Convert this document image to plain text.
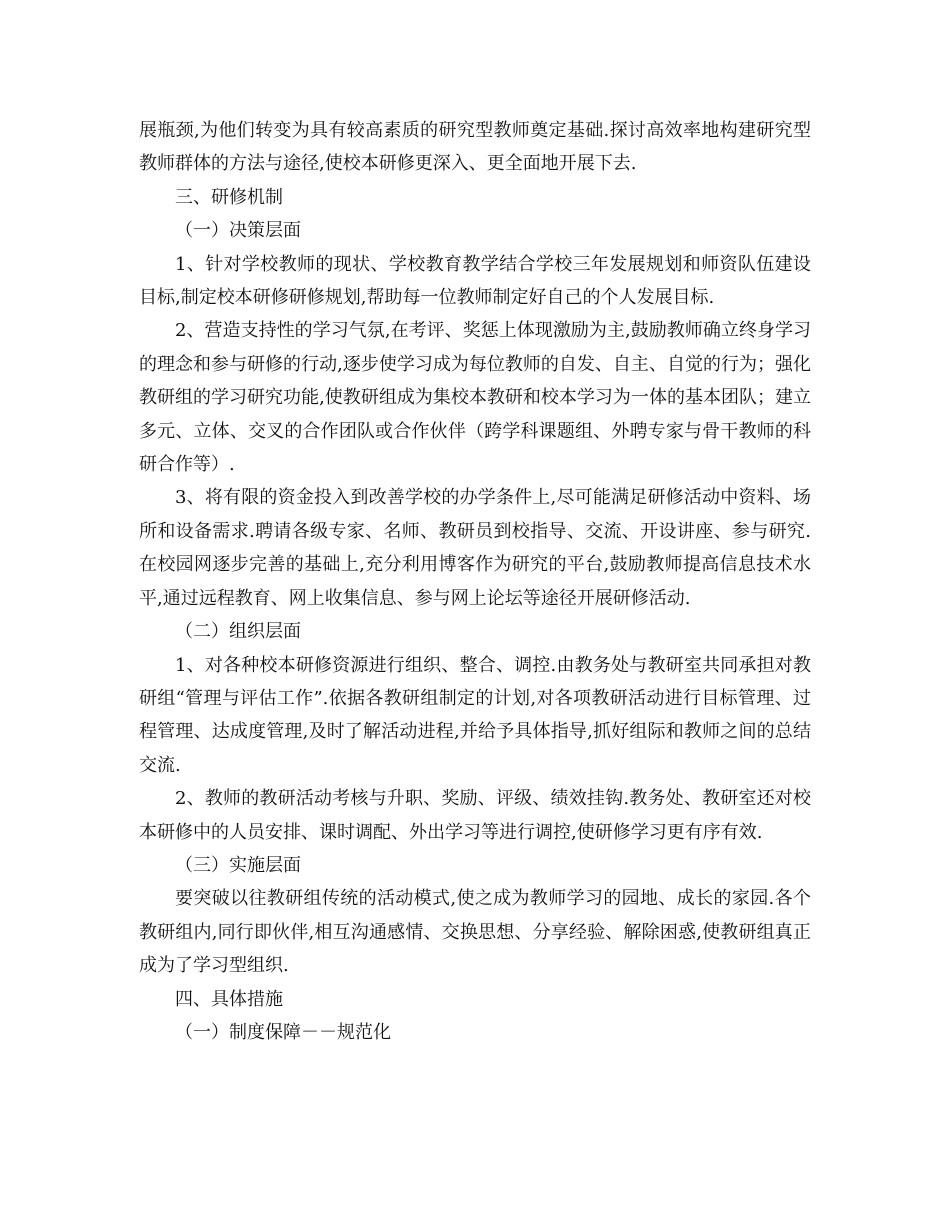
展瓶颈,为他们转变为具有较高素质的研究型教师奠定基础.探讨高效率地构建研究型教师群体的方法与途径,使校本研修更深入、更全面地开展下去.

三、研修机制

（一）决策层面

1、针对学校教师的现状、学校教育教学结合学校三年发展规划和师资队伍建设目标,制定校本研修研修规划,帮助每一位教师制定好自己的个人发展目标.

2、营造支持性的学习气氛,在考评、奖惩上体现激励为主,鼓励教师确立终身学习的理念和参与研修的行动,逐步使学习成为每位教师的自发、自主、自觉的行为；强化教研组的学习研究功能,使教研组成为集校本教研和校本学习为一体的基本团队；建立多元、立体、交叉的合作团队或合作伙伴（跨学科课题组、外聘专家与骨干教师的科研合作等）.

3、将有限的资金投入到改善学校的办学条件上,尽可能满足研修活动中资料、场所和设备需求.聘请各级专家、名师、教研员到校指导、交流、开设讲座、参与研究.在校园网逐步完善的基础上,充分利用博客作为研究的平台,鼓励教师提高信息技术水平,通过远程教育、网上收集信息、参与网上论坛等途径开展研修活动.

（二）组织层面

1、对各种校本研修资源进行组织、整合、调控.由教务处与教研室共同承担对教研组“管理与评估工作”.依据各教研组制定的计划,对各项教研活动进行目标管理、过程管理、达成度管理,及时了解活动进程,并给予具体指导,抓好组际和教师之间的总结交流.

2、教师的教研活动考核与升职、奖励、评级、绩效挂钩.教务处、教研室还对校本研修中的人员安排、课时调配、外出学习等进行调控,使研修学习更有序有效.

（三）实施层面

要突破以往教研组传统的活动模式,使之成为教师学习的园地、成长的家园.各个教研组内,同行即伙伴,相互沟通感情、交换思想、分享经验、解除困惑,使教研组真正成为了学习型组织.

四、具体措施

（一）制度保障－－规范化
